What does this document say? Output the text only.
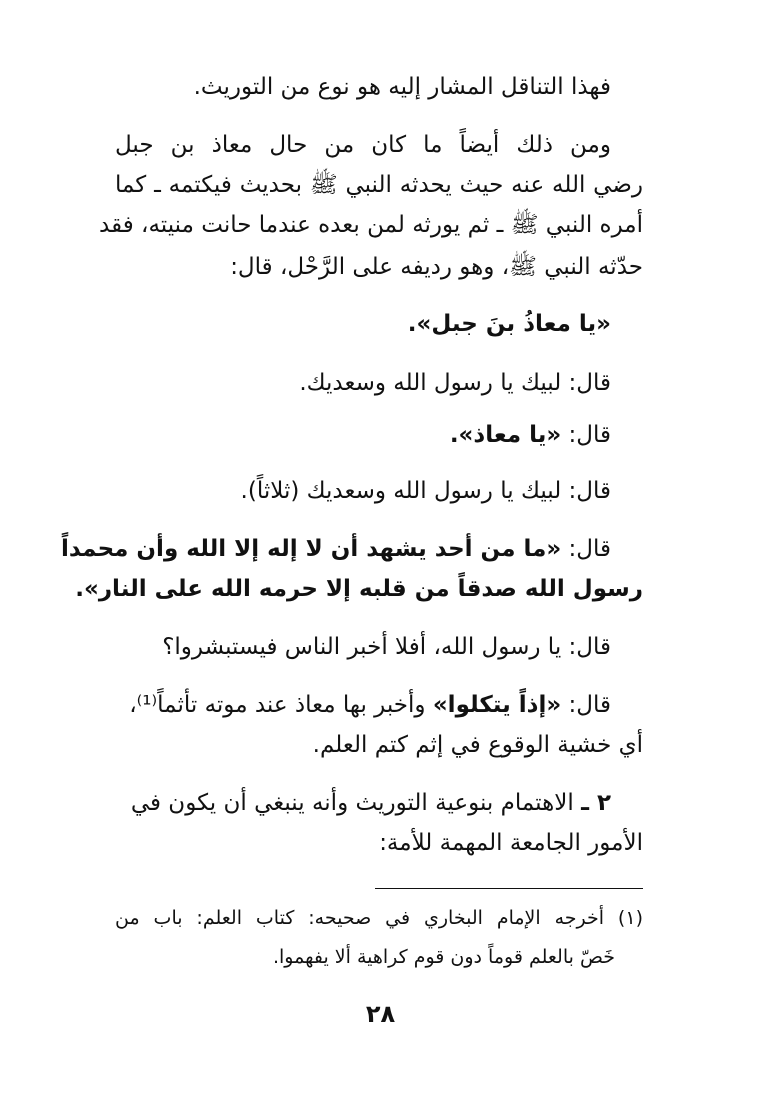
فهذا التناقل المشار إليه هو نوع من التوريث.
ومن ذلك أيضاً ما كان من حال معاذ بن جبل
رضي الله عنه حيث يحدثه النبي ﷺ بحديث فيكتمه ـ كما
أمره النبي ﷺ ـ ثم يورثه لمن بعده عندما حانت منيته، فقد
حدّثه النبي ﷺ، وهو رديفه على الرَّحْل، قال:
«يا معاذُ بنَ جبل».
قال: لبيك يا رسول الله وسعديك.
قال: «يا معاذ».
قال: لبيك يا رسول الله وسعديك (ثلاثاً).
قال: «ما من أحد يشهد أن لا إله إلا الله وأن محمداً
رسول الله صدقاً من قلبه إلا حرمه الله على النار».
قال: يا رسول الله، أفلا أخبر الناس فيستبشروا؟
قال: «إذاً يتكلوا» وأخبر بها معاذ عند موته تأثماً⁽¹⁾،
أي خشية الوقوع في إثم كتم العلم.
٢ ـ الاهتمام بنوعية التوريث وأنه ينبغي أن يكون في
الأمور الجامعة المهمة للأمة:
(١) أخرجه الإمام البخاري في صحيحه: كتاب العلم: باب من
خَصّ بالعلم قوماً دون قوم كراهية ألا يفهموا.
٢٨
